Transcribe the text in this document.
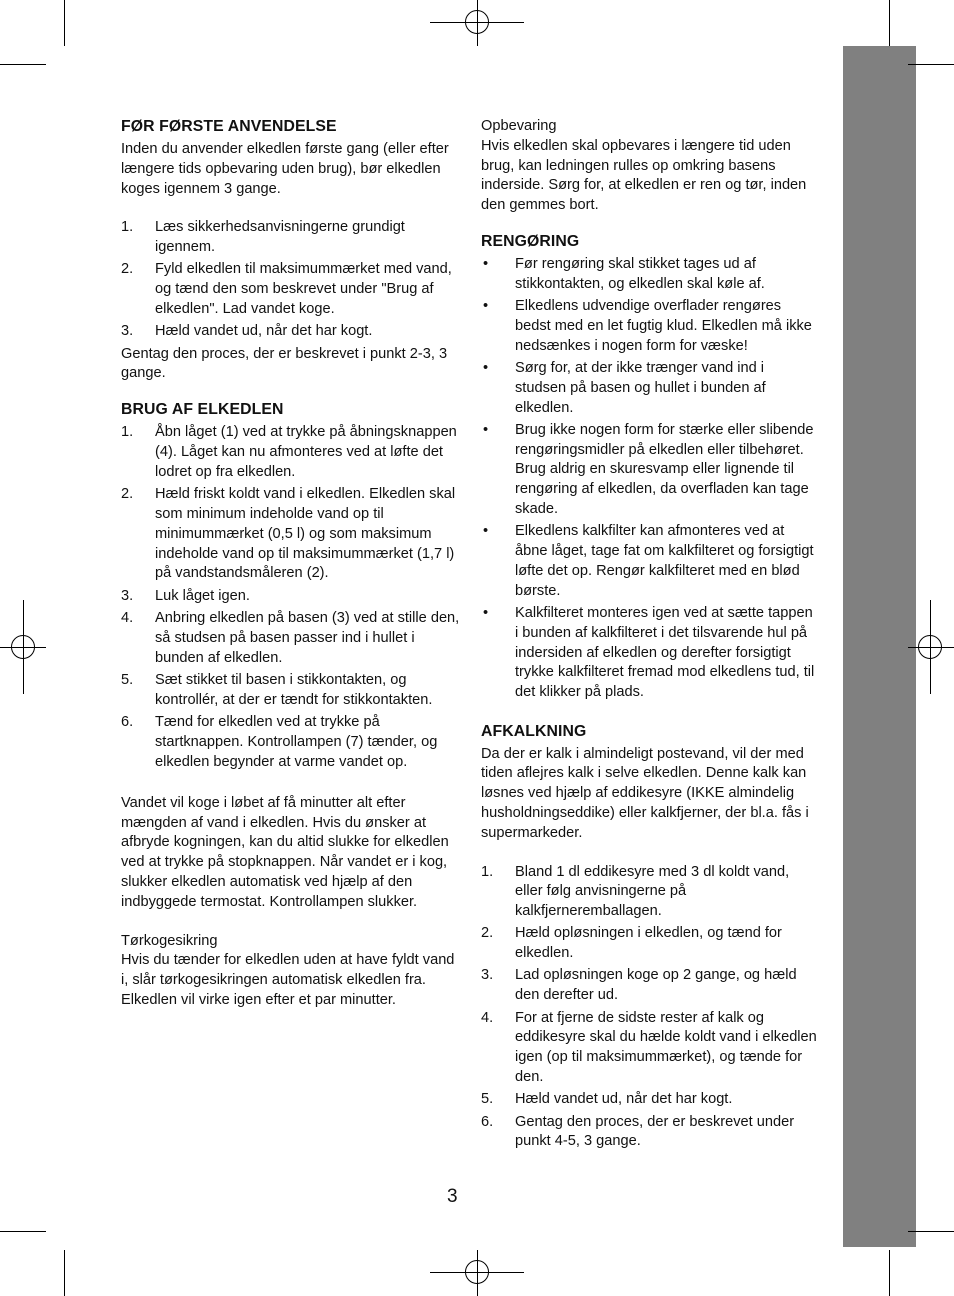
FØR FØRSTE ANVENDELSE

Inden du anvender elkedlen første gang (eller efter længere tids opbevaring uden brug), bør elkedlen koges igennem 3 gange.

1. Læs sikkerhedsanvisningerne grundigt igennem.
2. Fyld elkedlen til maksimummærket med vand, og tænd den som beskrevet under "Brug af elkedlen". Lad vandet koge.
3. Hæld vandet ud, når det har kogt.

Gentag den proces, der er beskrevet i punkt 2-3, 3 gange.

BRUG AF ELKEDLEN
1. Åbn låget (1) ved at trykke på åbningsknappen (4). Låget kan nu afmonteres ved at løfte det lodret op fra elkedlen.
2. Hæld friskt koldt vand i elkedlen. Elkedlen skal som minimum indeholde vand op til minimummærket (0,5 l) og som maksimum indeholde vand op til maksimummærket (1,7 l) på vandstandsmåleren (2).
3. Luk låget igen.
4. Anbring elkedlen på basen (3) ved at stille den, så studsen på basen passer ind i hullet i bunden af elkedlen.
5. Sæt stikket til basen i stikkontakten, og kontrollér, at der er tændt for stikkontakten.
6. Tænd for elkedlen ved at trykke på startknappen. Kontrollampen (7) tænder, og elkedlen begynder at varme vandet op.

Vandet vil koge i løbet af få minutter alt efter mængden af vand i elkedlen. Hvis du ønsker at afbryde kogningen, kan du altid slukke for elkedlen ved at trykke på stopknappen. Når vandet er i kog, slukker elkedlen automatisk ved hjælp af den indbyggede termostat. Kontrollampen slukker.

Tørkogesikring

Hvis du tænder for elkedlen uden at have fyldt vand i, slår tørkogesikringen automatisk elkedlen fra. Elkedlen vil virke igen efter et par minutter.

Opbevaring

Hvis elkedlen skal opbevares i længere tid uden brug, kan ledningen rulles op omkring basens inderside. Sørg for, at elkedlen er ren og tør, inden den gemmes bort.

RENGØRING
• Før rengøring skal stikket tages ud af stikkontakten, og elkedlen skal køle af.
• Elkedlens udvendige overflader rengøres bedst med en let fugtig klud. Elkedlen må ikke nedsænkes i nogen form for væske!
• Sørg for, at der ikke trænger vand ind i studsen på basen og hullet i bunden af elkedlen.
• Brug ikke nogen form for stærke eller slibende rengøringsmidler på elkedlen eller tilbehøret. Brug aldrig en skuresvamp eller lignende til rengøring af elkedlen, da overfladen kan tage skade.
• Elkedlens kalkfilter kan afmonteres ved at åbne låget, tage fat om kalkfilteret og forsigtigt løfte det op. Rengør kalkfilteret med en blød børste.
• Kalkfilteret monteres igen ved at sætte tappen i bunden af kalkfilteret i det tilsvarende hul på indersiden af elkedlen og derefter forsigtigt trykke kalkfilteret fremad mod elkedlens tud, til det klikker på plads.
AFKALKNING

Da der er kalk i almindeligt postevand, vil der med tiden aflejres kalk i selve elkedlen. Denne kalk kan løsnes ved hjælp af eddikesyre (IKKE almindelig husholdningseddike) eller kalkfjerner, der bl.a. fås i supermarkeder.

1. Bland 1 dl eddikesyre med 3 dl koldt vand, eller følg anvisningerne på kalkfjerneremballagen.
2. Hæld opløsningen i elkedlen, og tænd for elkedlen.
3. Lad opløsningen koge op 2 gange, og hæld den derefter ud.
4. For at fjerne de sidste rester af kalk og eddikesyre skal du hælde koldt vand i elkedlen igen (op til maksimummærket), og tænde for den.
5. Hæld vandet ud, når det har kogt.
6. Gentag den proces, der er beskrevet under punkt 4-5, 3 gange.
3
